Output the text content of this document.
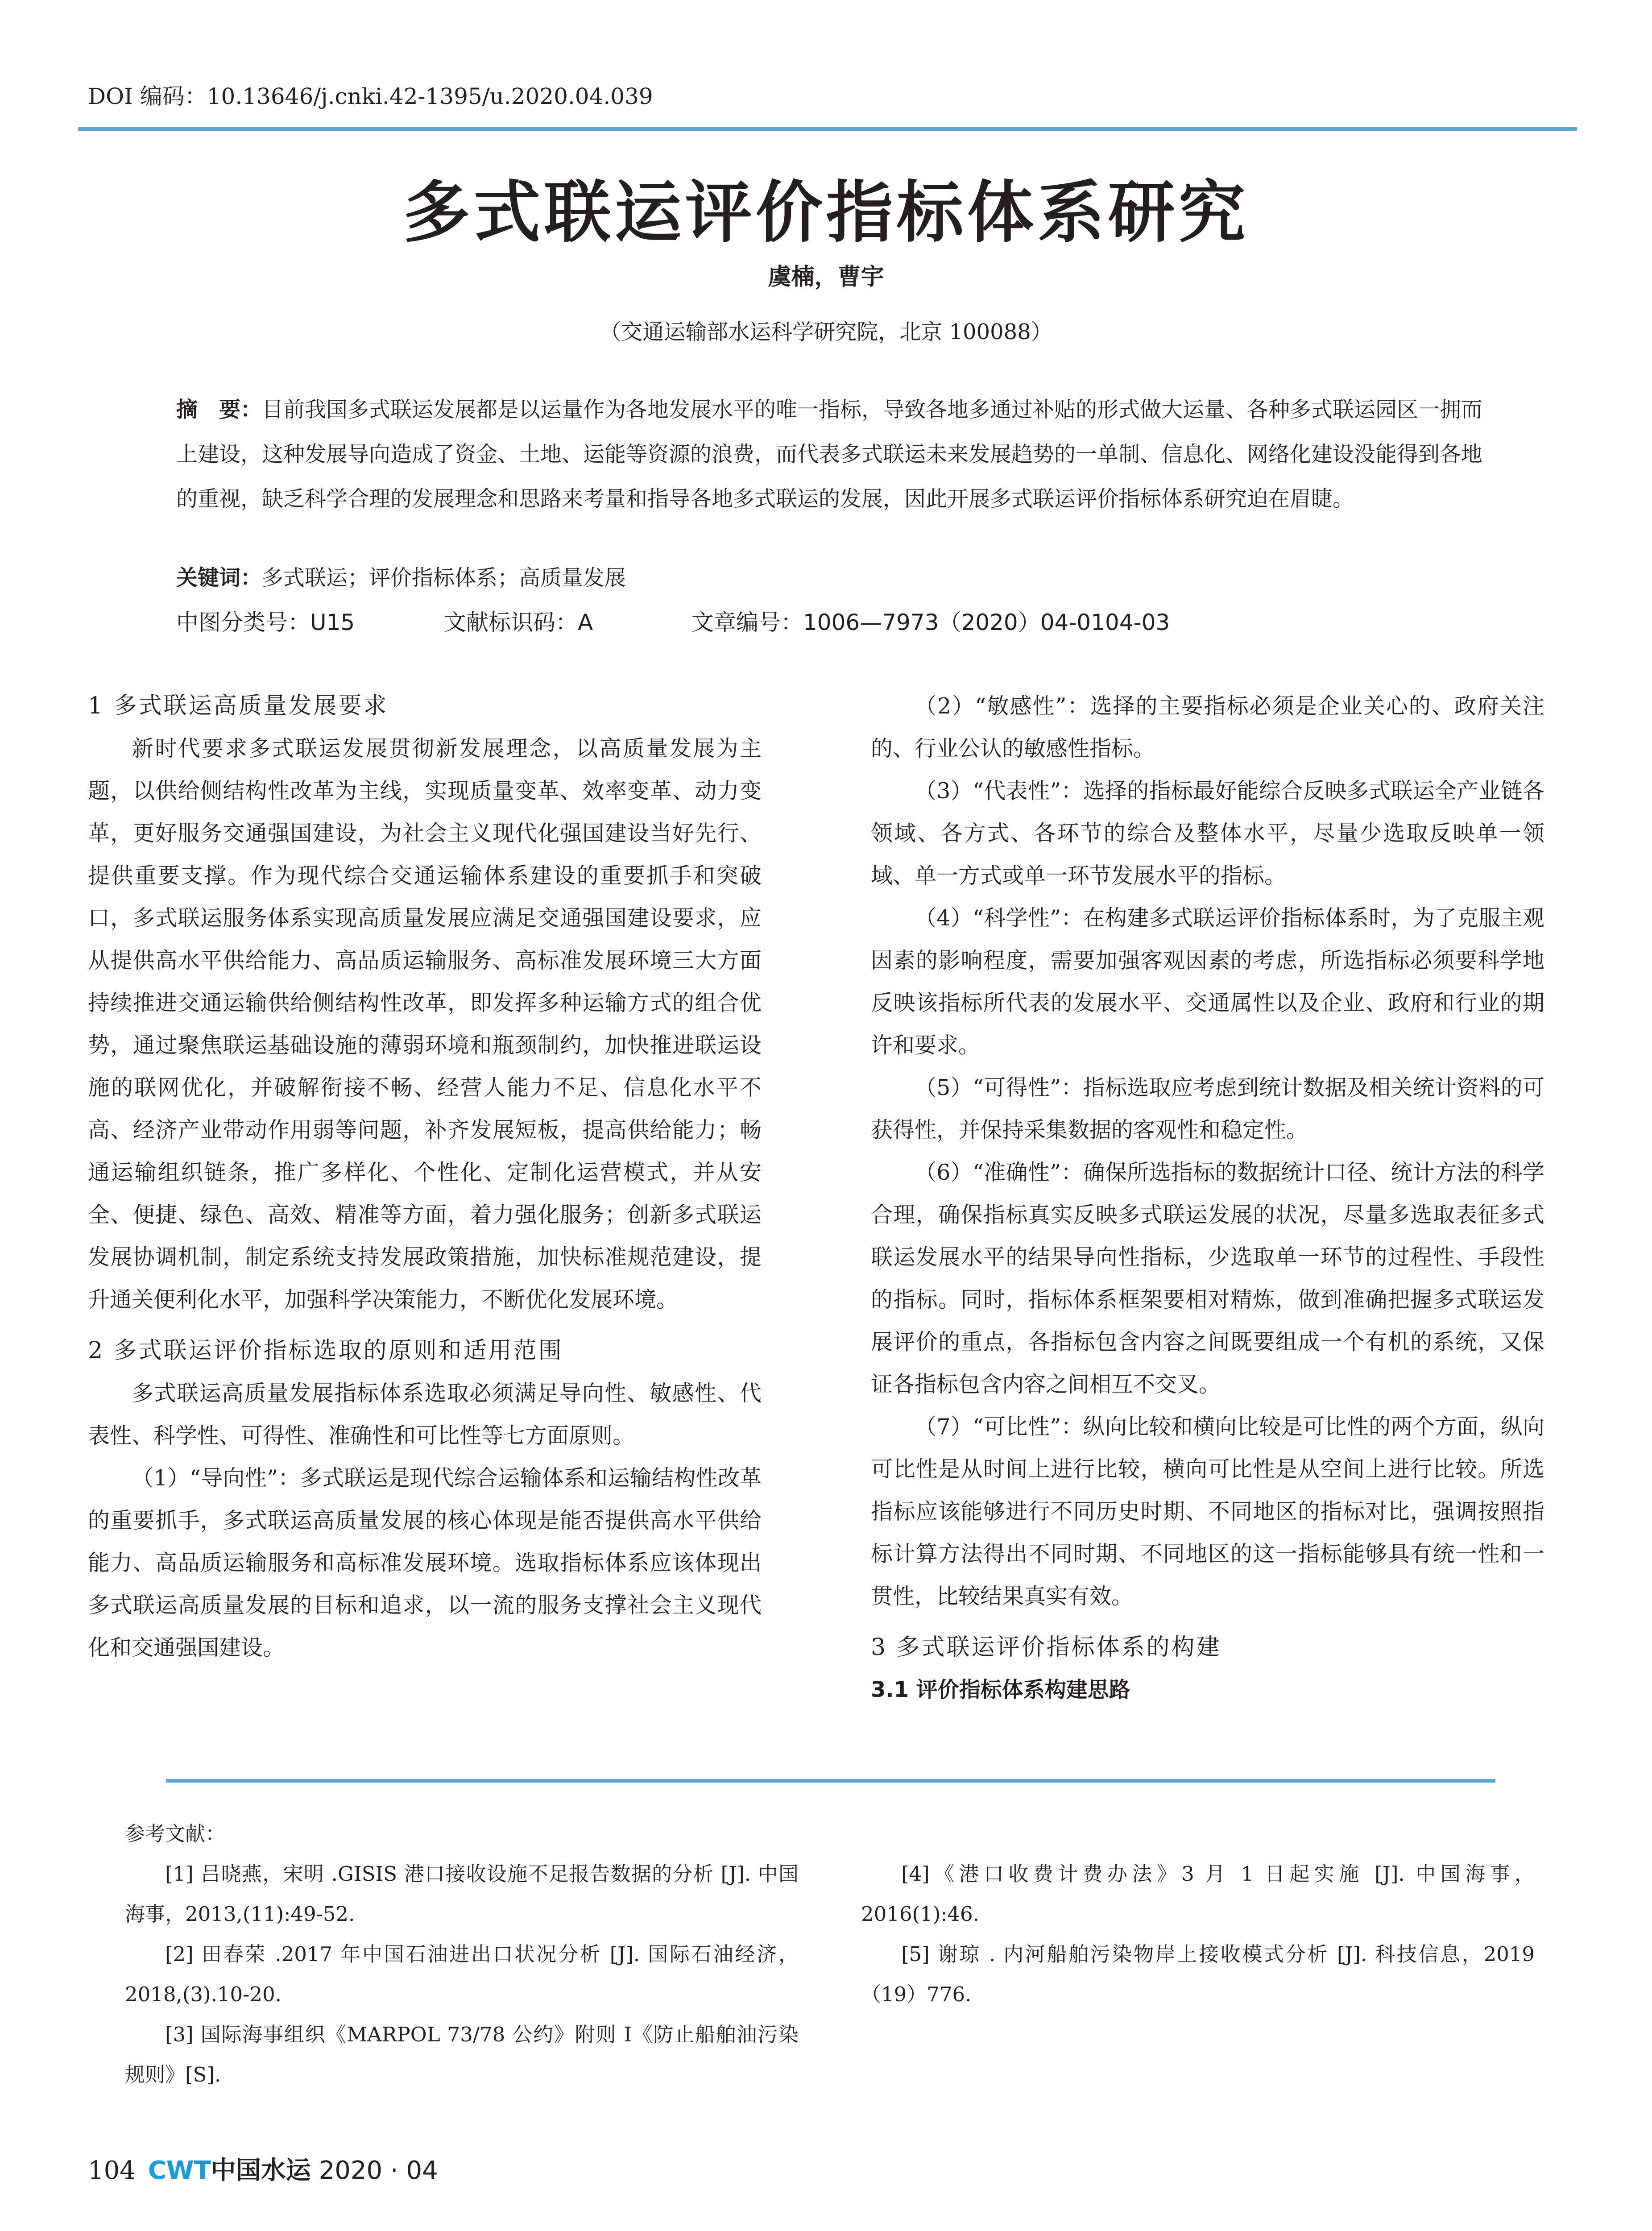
DOI 编码：10.13646/j.cnki.42-1395/u.2020.04.039
多式联运评价指标体系研究
虞楠，曹宇
（交通运输部水运科学研究院，北京 100088）
摘　要：目前我国多式联运发展都是以运量作为各地发展水平的唯一指标，导致各地多通过补贴的形式做大运量、各种多式联运园区一拥而上建设，这种发展导向造成了资金、土地、运能等资源的浪费，而代表多式联运未来发展趋势的一单制、信息化、网络化建设没能得到各地的重视，缺乏科学合理的发展理念和思路来考量和指导各地多式联运的发展，因此开展多式联运评价指标体系研究迫在眉睫。
关键词：多式联运；评价指标体系；高质量发展
中图分类号：U15	文献标识码：A	文章编号：1006—7973（2020）04-0104-03

1 多式联运高质量发展要求

新时代要求多式联运发展贯彻新发展理念，以高质量发展为主题，以供给侧结构性改革为主线，实现质量变革、效率变革、动力变革，更好服务交通强国建设，为社会主义现代化强国建设当好先行、提供重要支撑。作为现代综合交通运输体系建设的重要抓手和突破口，多式联运服务体系实现高质量发展应满足交通强国建设要求，应从提供高水平供给能力、高品质运输服务、高标准发展环境三大方面持续推进交通运输供给侧结构性改革，即发挥多种运输方式的组合优势，通过聚焦联运基础设施的薄弱环境和瓶颈制约，加快推进联运设施的联网优化，并破解衔接不畅、经营人能力不足、信息化水平不高、经济产业带动作用弱等问题，补齐发展短板，提高供给能力；畅通运输组织链条，推广多样化、个性化、定制化运营模式，并从安全、便捷、绿色、高效、精准等方面，着力强化服务；创新多式联运发展协调机制，制定系统支持发展政策措施，加快标准规范建设，提升通关便利化水平，加强科学决策能力，不断优化发展环境。

2 多式联运评价指标选取的原则和适用范围

多式联运高质量发展指标体系选取必须满足导向性、敏感性、代表性、科学性、可得性、准确性和可比性等七方面原则。

（1）“导向性”：多式联运是现代综合运输体系和运输结构性改革的重要抓手，多式联运高质量发展的核心体现是能否提供高水平供给能力、高品质运输服务和高标准发展环境。选取指标体系应该体现出多式联运高质量发展的目标和追求，以一流的服务支撑社会主义现代化和交通强国建设。

（2）“敏感性”：选择的主要指标必须是企业关心的、政府关注的、行业公认的敏感性指标。

（3）“代表性”：选择的指标最好能综合反映多式联运全产业链各领域、各方式、各环节的综合及整体水平，尽量少选取反映单一领域、单一方式或单一环节发展水平的指标。

（4）“科学性”：在构建多式联运评价指标体系时，为了克服主观因素的影响程度，需要加强客观因素的考虑，所选指标必须要科学地反映该指标所代表的发展水平、交通属性以及企业、政府和行业的期许和要求。

（5）“可得性”：指标选取应考虑到统计数据及相关统计资料的可获得性，并保持采集数据的客观性和稳定性。

（6）“准确性”：确保所选指标的数据统计口径、统计方法的科学合理，确保指标真实反映多式联运发展的状况，尽量多选取表征多式联运发展水平的结果导向性指标，少选取单一环节的过程性、手段性的指标。同时，指标体系框架要相对精炼，做到准确把握多式联运发展评价的重点，各指标包含内容之间既要组成一个有机的系统，又保证各指标包含内容之间相互不交叉。

（7）“可比性”：纵向比较和横向比较是可比性的两个方面，纵向可比性是从时间上进行比较，横向可比性是从空间上进行比较。所选指标应该能够进行不同历史时期、不同地区的指标对比，强调按照指标计算方法得出不同时期、不同地区的这一指标能够具有统一性和一贯性，比较结果真实有效。

3 多式联运评价指标体系的构建

3.1 评价指标体系构建思路

参考文献：

[1] 吕晓燕，宋明 .GISIS 港口接收设施不足报告数据的分析 [J]. 中国海事，2013,(11):49-52.

[2] 田春荣 .2017 年中国石油进出口状况分析 [J]. 国际石油经济，2018,(3).10-20.

[3] 国际海事组织《MARPOL 73/78 公约》附则 I《防止船舶油污染规则》[S].

[4]《港口收费计费办法》3 月 1 日起实施 [J]. 中国海事，2016(1):46.

[5] 谢琼 . 内河船舶污染物岸上接收模式分析 [J]. 科技信息，2019（19）776.

104 CWT中国水运 2020 · 04
